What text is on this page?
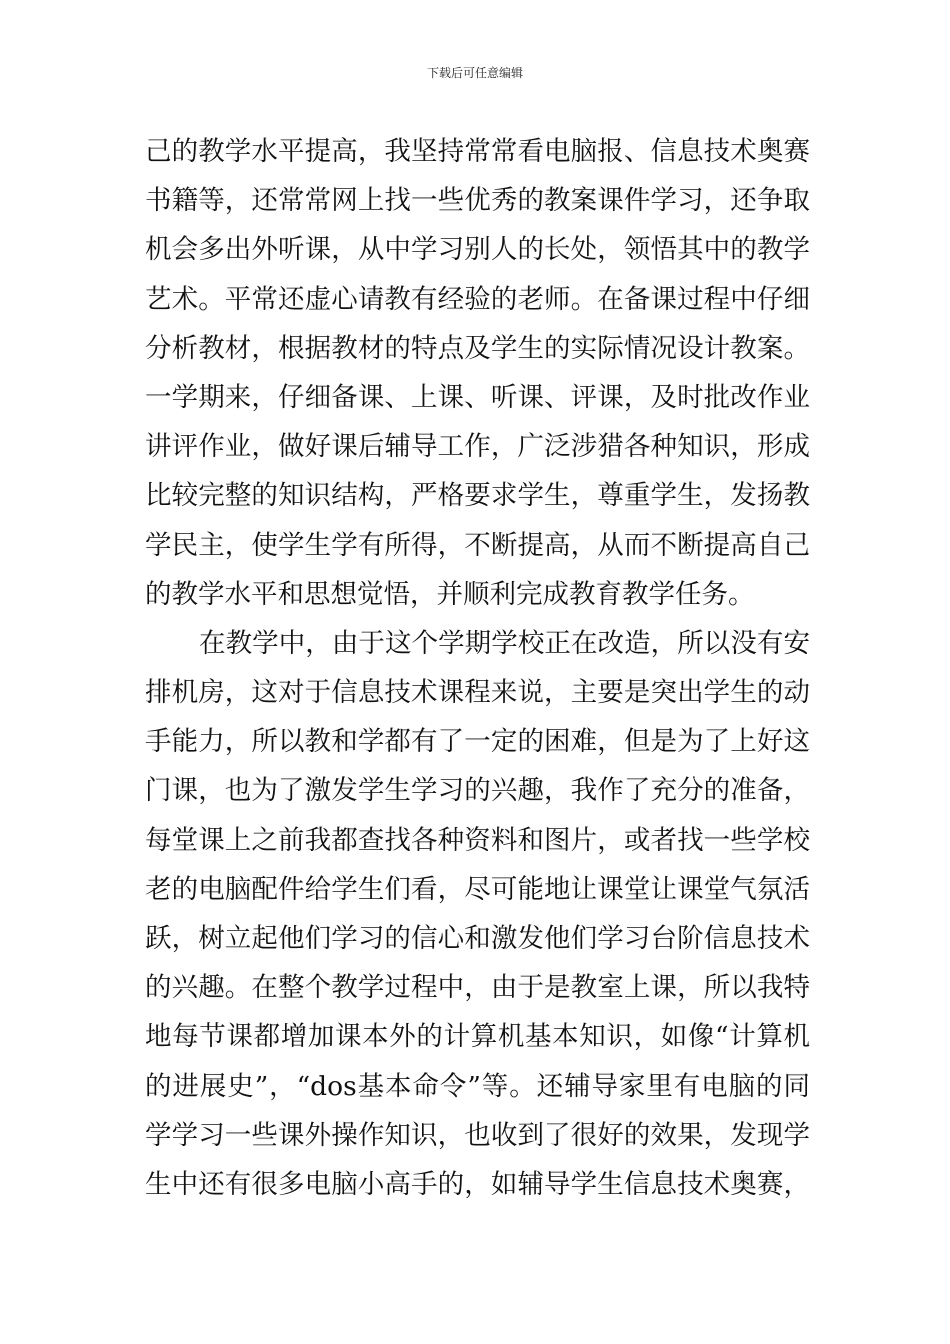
下载后可任意编辑
己的教学水平提高，我坚持常常看电脑报、信息技术奥赛
书籍等，还常常网上找一些优秀的教案课件学习，还争取
机会多出外听课，从中学习别人的长处，领悟其中的教学
艺术。平常还虚心请教有经验的老师。在备课过程中仔细
分析教材，根据教材的特点及学生的实际情况设计教案。
一学期来，仔细备课、上课、听课、评课，及时批改作业
讲评作业，做好课后辅导工作，广泛涉猎各种知识，形成
比较完整的知识结构，严格要求学生，尊重学生，发扬教
学民主，使学生学有所得，不断提高，从而不断提高自己
的教学水平和思想觉悟，并顺利完成教育教学任务。
在教学中，由于这个学期学校正在改造，所以没有安
排机房，这对于信息技术课程来说，主要是突出学生的动
手能力，所以教和学都有了一定的困难，但是为了上好这
门课，也为了激发学生学习的兴趣，我作了充分的准备，
每堂课上之前我都查找各种资料和图片，或者找一些学校
老的电脑配件给学生们看，尽可能地让课堂让课堂气氛活
跃，树立起他们学习的信心和激发他们学习台阶信息技术
的兴趣。在整个教学过程中，由于是教室上课，所以我特
地每节课都增加课本外的计算机基本知识，如像“计算机
的进展史”，“dos基本命令”等。还辅导家里有电脑的同
学学习一些课外操作知识，也收到了很好的效果，发现学
生中还有很多电脑小高手的，如辅导学生信息技术奥赛，
